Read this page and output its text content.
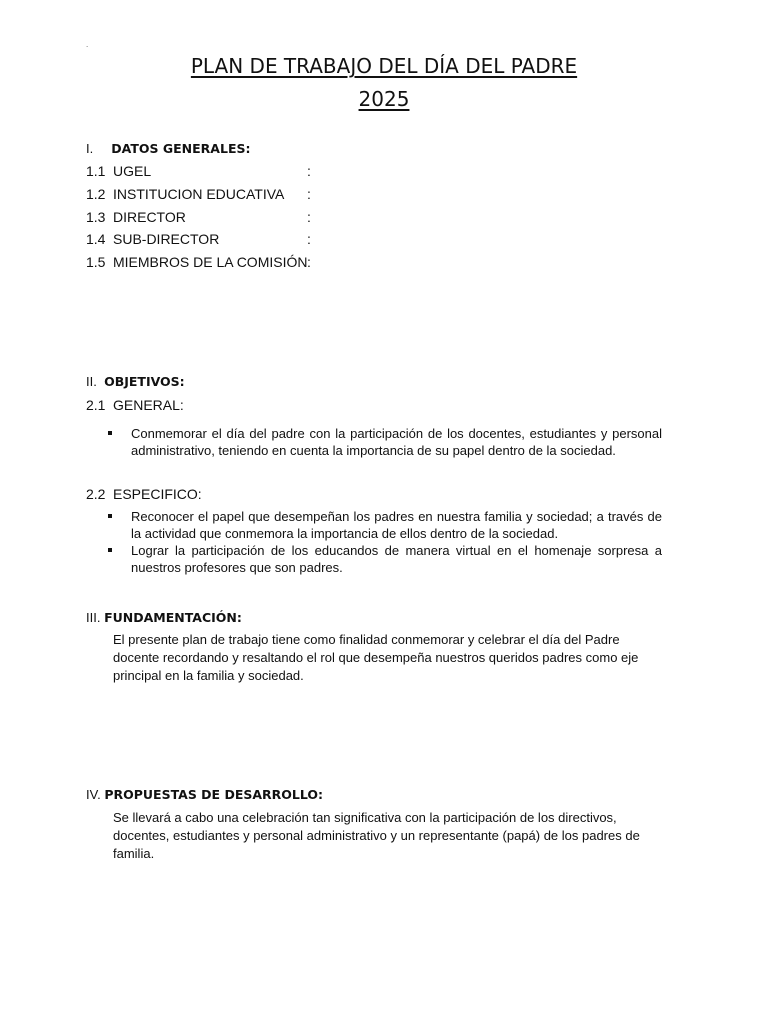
.
PLAN DE TRABAJO DEL DÍA DEL PADRE
2025
I. DATOS GENERALES:
1.1 UGEL	:
1.2 INSTITUCION EDUCATIVA :
1.3 DIRECTOR	:
1.4 SUB-DIRECTOR	:
1.5 MIEMBROS DE LA COMISIÓN :
II. OBJETIVOS:
2.1 GENERAL:
Conmemorar el día del padre con la participación de los docentes, estudiantes y personal administrativo, teniendo en cuenta la importancia de su papel dentro de la sociedad.
2.2 ESPECIFICO:
Reconocer el papel que desempeñan los padres en nuestra familia y sociedad; a través de la actividad que conmemora la importancia de ellos dentro de la sociedad.
Lograr la participación de los educandos de manera virtual en el homenaje sorpresa a nuestros profesores que son padres.
III. FUNDAMENTACIÓN:
El presente plan de trabajo tiene como finalidad conmemorar y celebrar el día del Padre docente recordando y resaltando el rol que desempeña nuestros queridos padres como eje principal en la familia y sociedad.
IV. PROPUESTAS DE DESARROLLO:
Se llevará a cabo una celebración tan significativa con la participación de los directivos, docentes, estudiantes y personal administrativo y un representante (papá) de los padres de familia.
